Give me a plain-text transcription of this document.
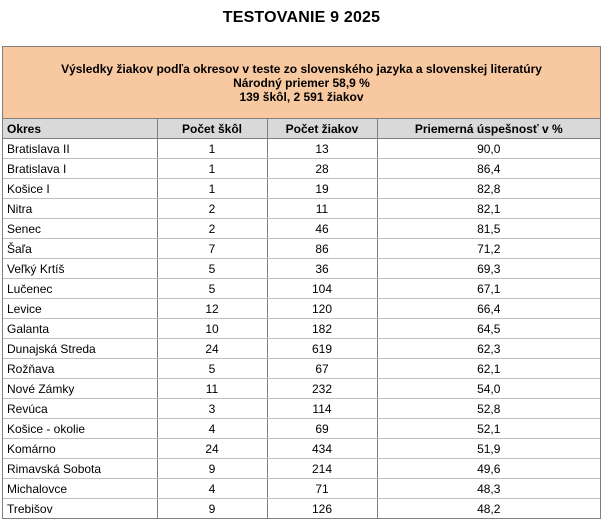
TESTOVANIE 9 2025
Výsledky žiakov podľa okresov v teste zo slovenského jazyka a slovenskej literatúry
Národný priemer 58,9 %
139 škôl, 2 591 žiakov
Okres	Počet škôl	Počet žiakov	Priemerná úspešnosť v %
Bratislava II	1	13	90,0
Bratislava I	1	28	86,4
Košice I	1	19	82,8
Nitra	2	11	82,1
Senec	2	46	81,5
Šaľa	7	86	71,2
Veľký Krtíš	5	36	69,3
Lučenec	5	104	67,1
Levice	12	120	66,4
Galanta	10	182	64,5
Dunajská Streda	24	619	62,3
Rožňava	5	67	62,1
Nové Zámky	11	232	54,0
Revúca	3	114	52,8
Košice - okolie	4	69	52,1
Komárno	24	434	51,9
Rimavská Sobota	9	214	49,6
Michalovce	4	71	48,3
Trebišov	9	126	48,2
